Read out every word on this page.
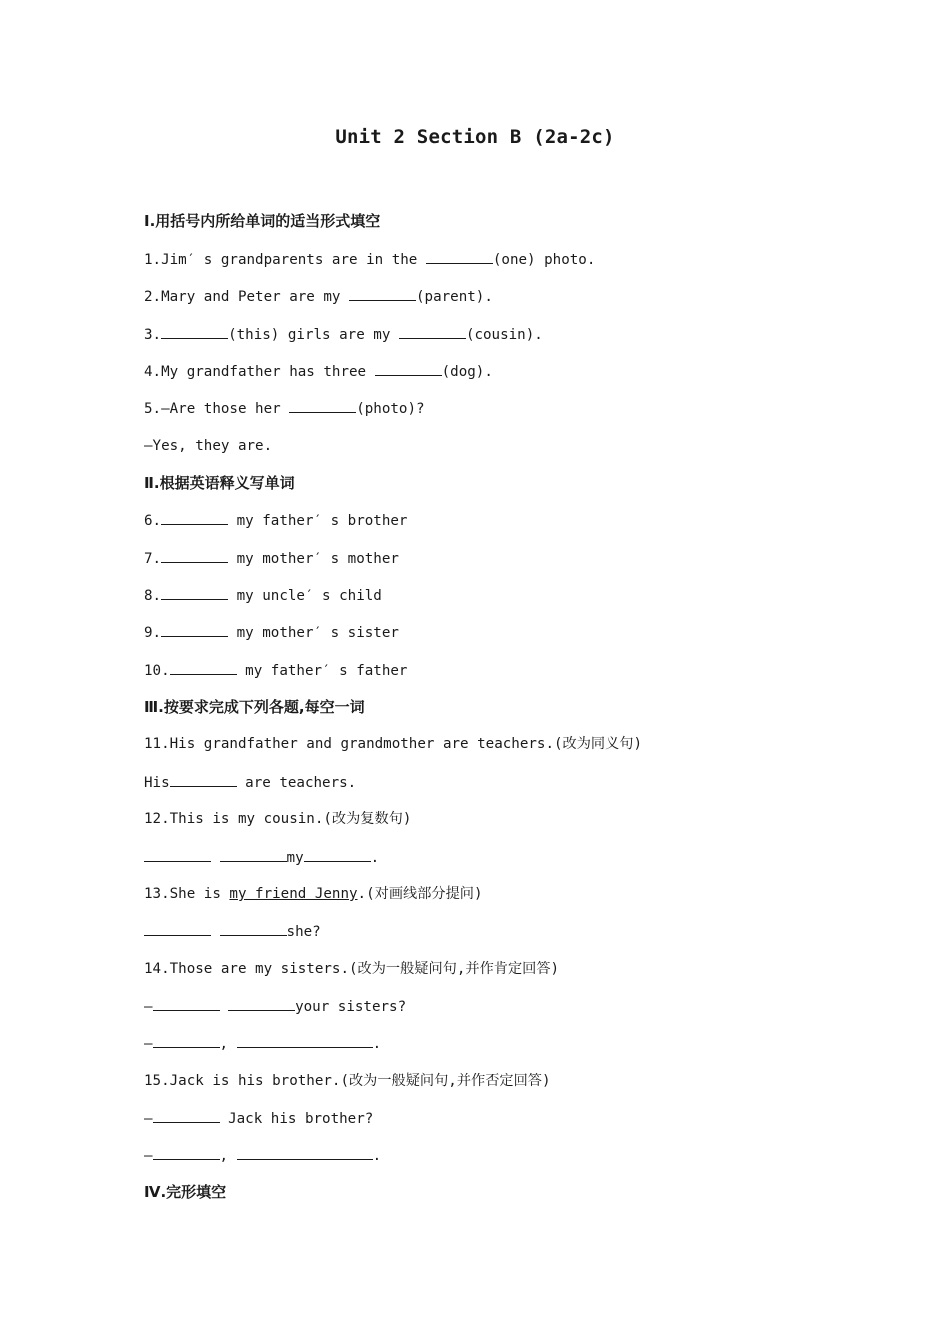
Unit 2 Section B (2a-2c)
Ⅰ.用括号内所给单词的适当形式填空
1.Jim′ s grandparents are in the	(one) photo.
2.Mary and Peter are my	(parent).
3.	(this) girls are my	(cousin).
4.My grandfather has three	(dog).
5.—Are those her	(photo)?
—Yes, they are.
Ⅱ.根据英语释义写单词
6.	my father′ s brother
7.	my mother′ s mother
8.	my uncle′ s child
9.	my mother′ s sister
10.	my father′ s father
Ⅲ.按要求完成下列各题,每空一词
11.His grandfather and grandmother are teachers.(改为同义句)
His	are teachers.
12.This is my cousin.(改为复数句)
my	.
13.She is my friend Jenny.(对画线部分提问)
she?
14.Those are my sisters.(改为一般疑问句,并作肯定回答)
—	your sisters?
—	,	.
15.Jack is his brother.(改为一般疑问句,并作否定回答)
—	Jack his brother?
—	,	.
Ⅳ.完形填空
